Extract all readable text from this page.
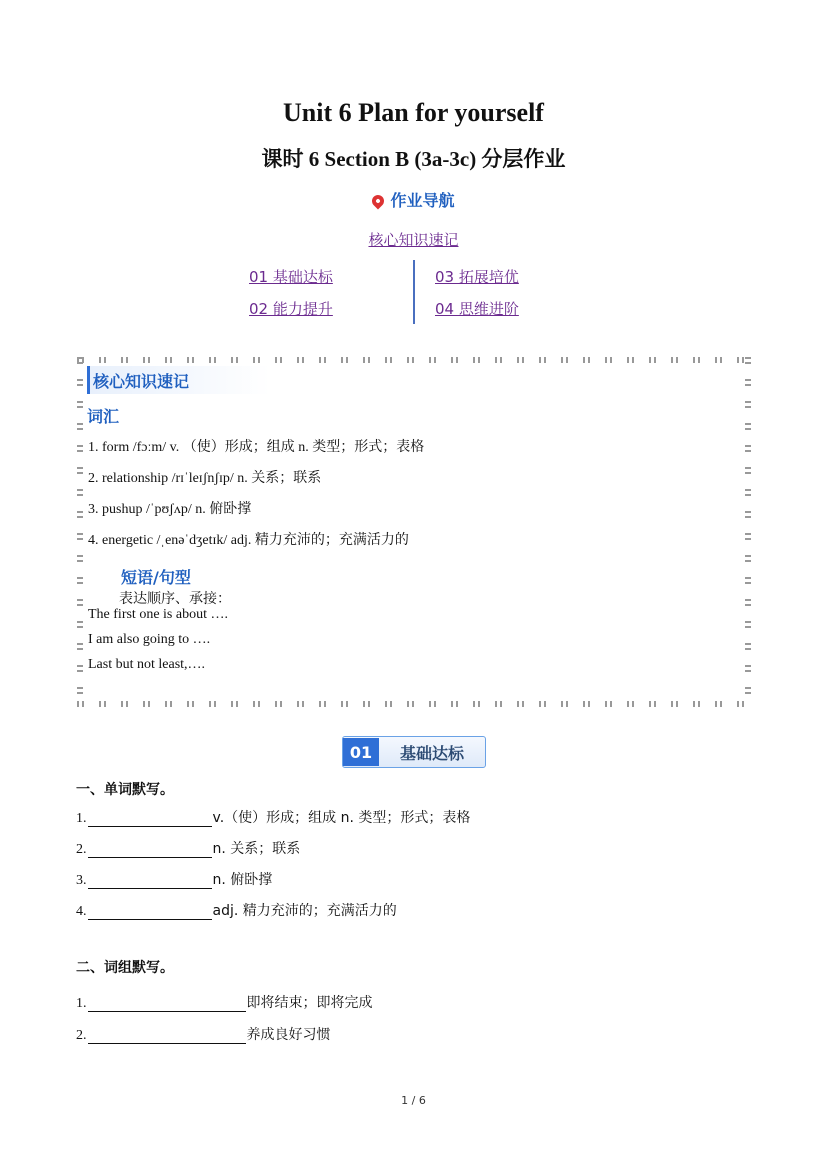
Unit 6 Plan for yourself
课时 6 Section B (3a-3c) 分层作业
作业导航
核心知识速记
01 基础达标
02 能力提升
03 拓展培优
04 思维进阶
核心知识速记
词汇
1. form /fɔːm/ v. （使）形成；组成 n. 类型；形式；表格
2. relationship /rɪˈleɪʃnʃɪp/ n. 关系；联系
3. pushup /ˈpʊʃʌp/ n. 俯卧撑
4. energetic /ˌenəˈdʒetɪk/ adj. 精力充沛的；充满活力的
短语/句型
表达顺序、承接：
The first one is about ….
I am also going to ….
Last but not least,….
01	基础达标
一、单词默写。
1.	v.（使）形成；组成 n. 类型；形式；表格
2.	n. 关系；联系
3.	n. 俯卧撑
4.	adj. 精力充沛的；充满活力的
二、词组默写。
1.	即将结束；即将完成
2.	养成良好习惯
1 / 6
